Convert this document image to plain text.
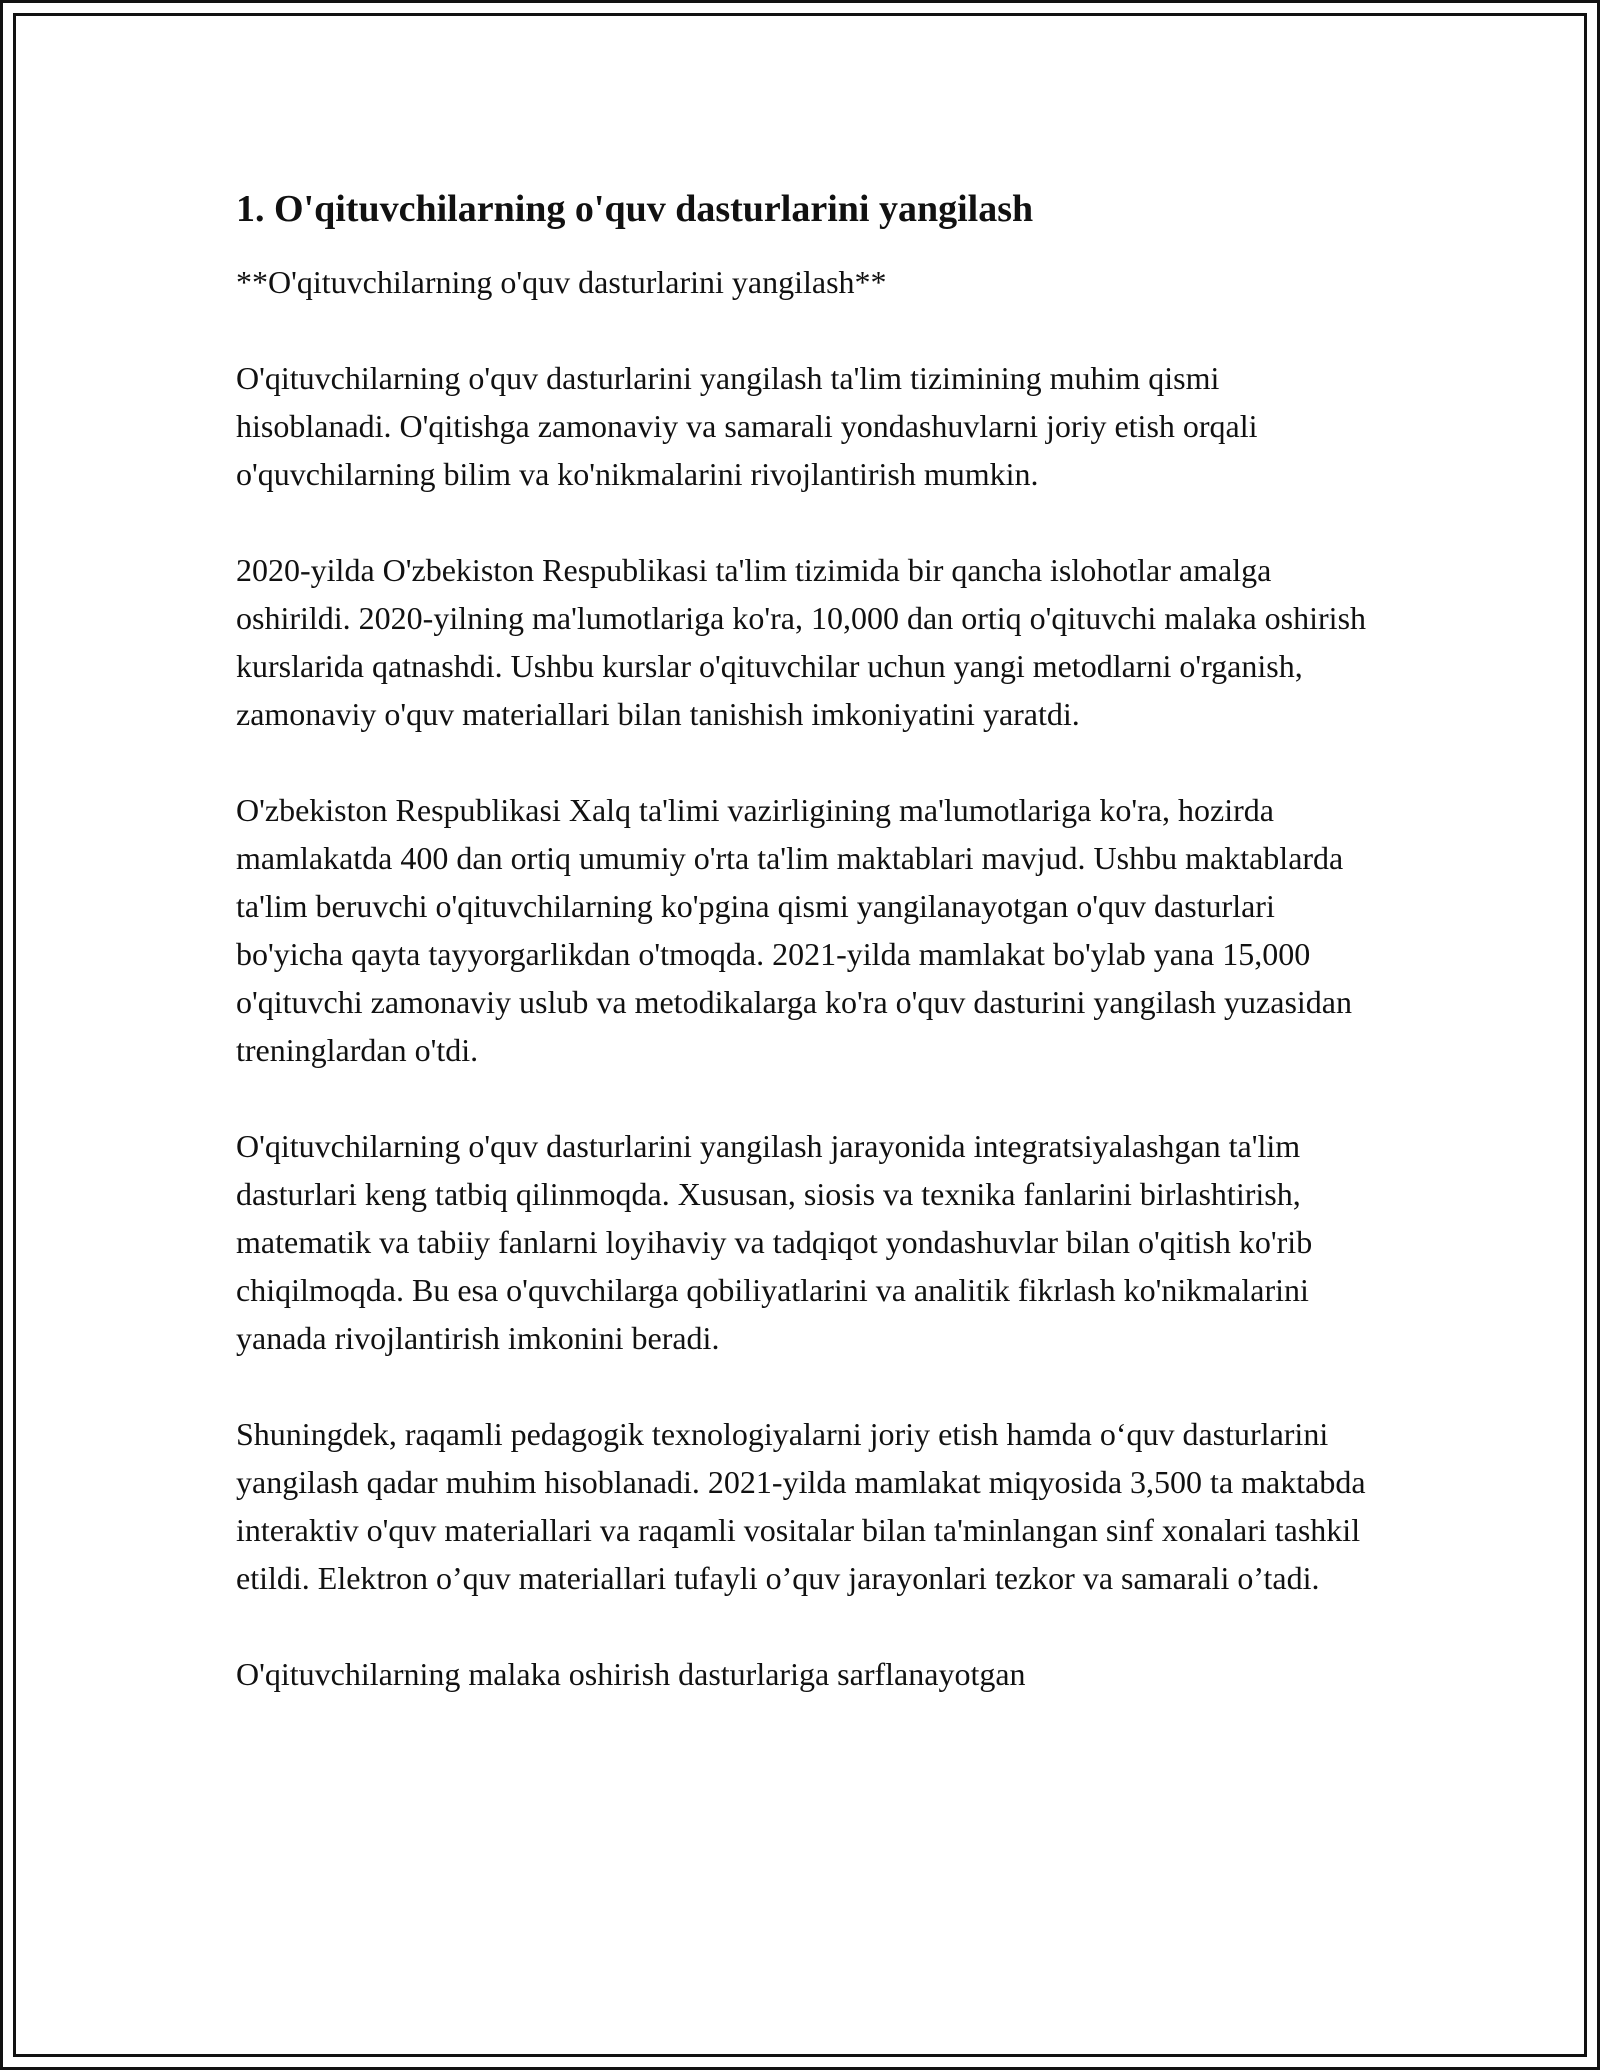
1. O'qituvchilarning o'quv dasturlarini yangilash

**O'qituvchilarning o'quv dasturlarini yangilash**

O'qituvchilarning o'quv dasturlarini yangilash ta'lim tizimining muhim qismi hisoblanadi. O'qitishga zamonaviy va samarali yondashuvlarni joriy etish orqali o'quvchilarning bilim va ko'nikmalarini rivojlantirish mumkin.

2020-yilda O'zbekiston Respublikasi ta'lim tizimida bir qancha islohotlar amalga oshirildi. 2020-yilning ma'lumotlariga ko'ra, 10,000 dan ortiq o'qituvchi malaka oshirish kurslarida qatnashdi. Ushbu kurslar o'qituvchilar uchun yangi metodlarni o'rganish, zamonaviy o'quv materiallari bilan tanishish imkoniyatini yaratdi.

O'zbekiston Respublikasi Xalq ta'limi vazirligining ma'lumotlariga ko'ra, hozirda mamlakatda 400 dan ortiq umumiy o'rta ta'lim maktablari mavjud. Ushbu maktablarda ta'lim beruvchi o'qituvchilarning ko'pgina qismi yangilanayotgan o'quv dasturlari bo'yicha qayta tayyorgarlikdan o'tmoqda. 2021-yilda mamlakat bo'ylab yana 15,000 o'qituvchi zamonaviy uslub va metodikalarga ko'ra o'quv dasturini yangilash yuzasidan treninglardan o'tdi.

O'qituvchilarning o'quv dasturlarini yangilash jarayonida integratsiyalashgan ta'lim dasturlari keng tatbiq qilinmoqda. Xususan, siosis va texnika fanlarini birlashtirish, matematik va tabiiy fanlarni loyihaviy va tadqiqot yondashuvlar bilan o'qitish ko'rib chiqilmoqda. Bu esa o'quvchilarga qobiliyatlarini va analitik fikrlash ko'nikmalarini yanada rivojlantirish imkonini beradi.

Shuningdek, raqamli pedagogik texnologiyalarni joriy etish hamda o‘quv dasturlarini yangilash qadar muhim hisoblanadi. 2021-yilda mamlakat miqyosida 3,500 ta maktabda interaktiv o'quv materiallari va raqamli vositalar bilan ta'minlangan sinf xonalari tashkil etildi. Elektron o’quv materiallari tufayli o’quv jarayonlari tezkor va samarali o’tadi.

O'qituvchilarning malaka oshirish dasturlariga sarflanayotgan
